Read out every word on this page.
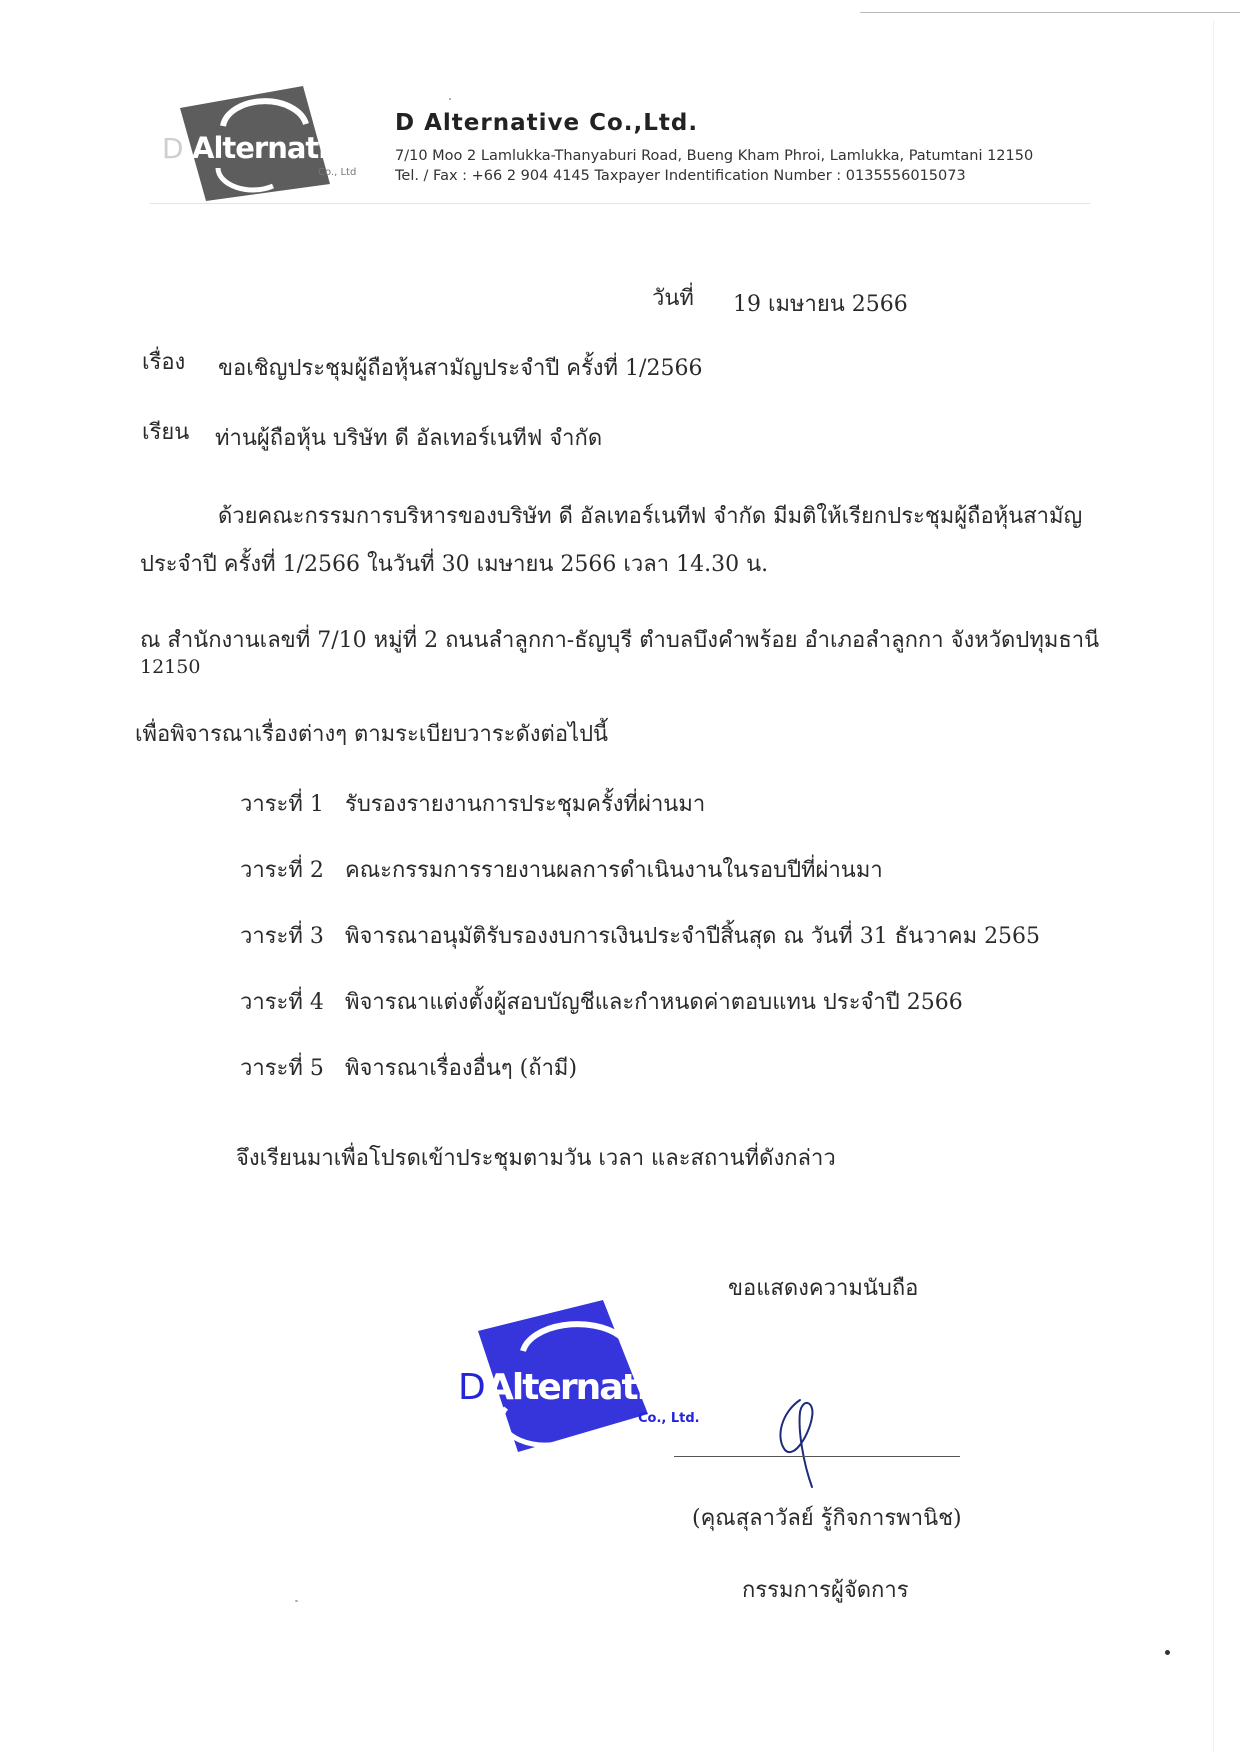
D Alternative
Co., Ltd
D Alternative Co.,Ltd.
7/10 Moo 2 Lamlukka-Thanyaburi Road, Bueng Kham Phroi, Lamlukka, Patumtani 12150
Tel. / Fax : +66 2 904 4145 Taxpayer Indentification Number : 0135556015073
วันที่ 19 เมษายน 2566
เรื่อง ขอเชิญประชุมผู้ถือหุ้นสามัญประจำปี ครั้งที่ 1/2566
เรียน ท่านผู้ถือหุ้น บริษัท ดี อัลเทอร์เนทีฟ จำกัด
ด้วยคณะกรรมการบริหารของบริษัท ดี อัลเทอร์เนทีฟ จำกัด มีมติให้เรียกประชุมผู้ถือหุ้นสามัญ
ประจำปี ครั้งที่ 1/2566 ในวันที่ 30 เมษายน 2566 เวลา 14.30 น.
ณ สำนักงานเลขที่ 7/10 หมู่ที่ 2 ถนนลำลูกกา-ธัญบุรี ตำบลบึงคำพร้อย อำเภอลำลูกกา จังหวัดปทุมธานี
12150
เพื่อพิจารณาเรื่องต่างๆ ตามระเบียบวาระดังต่อไปนี้
วาระที่ 1 รับรองรายงานการประชุมครั้งที่ผ่านมา
วาระที่ 2 คณะกรรมการรายงานผลการดำเนินงานในรอบปีที่ผ่านมา
วาระที่ 3 พิจารณาอนุมัติรับรองงบการเงินประจำปีสิ้นสุด ณ วันที่ 31 ธันวาคม 2565
วาระที่ 4 พิจารณาแต่งตั้งผู้สอบบัญชีและกำหนดค่าตอบแทน ประจำปี 2566
วาระที่ 5 พิจารณาเรื่องอื่นๆ (ถ้ามี)
จึงเรียนมาเพื่อโปรดเข้าประชุมตามวัน เวลา และสถานที่ดังกล่าว
ขอแสดงความนับถือ
D Alternative
Co., Ltd.
(คุณสุลาวัลย์ รู้กิจการพานิช)
กรรมการผู้จัดการ
